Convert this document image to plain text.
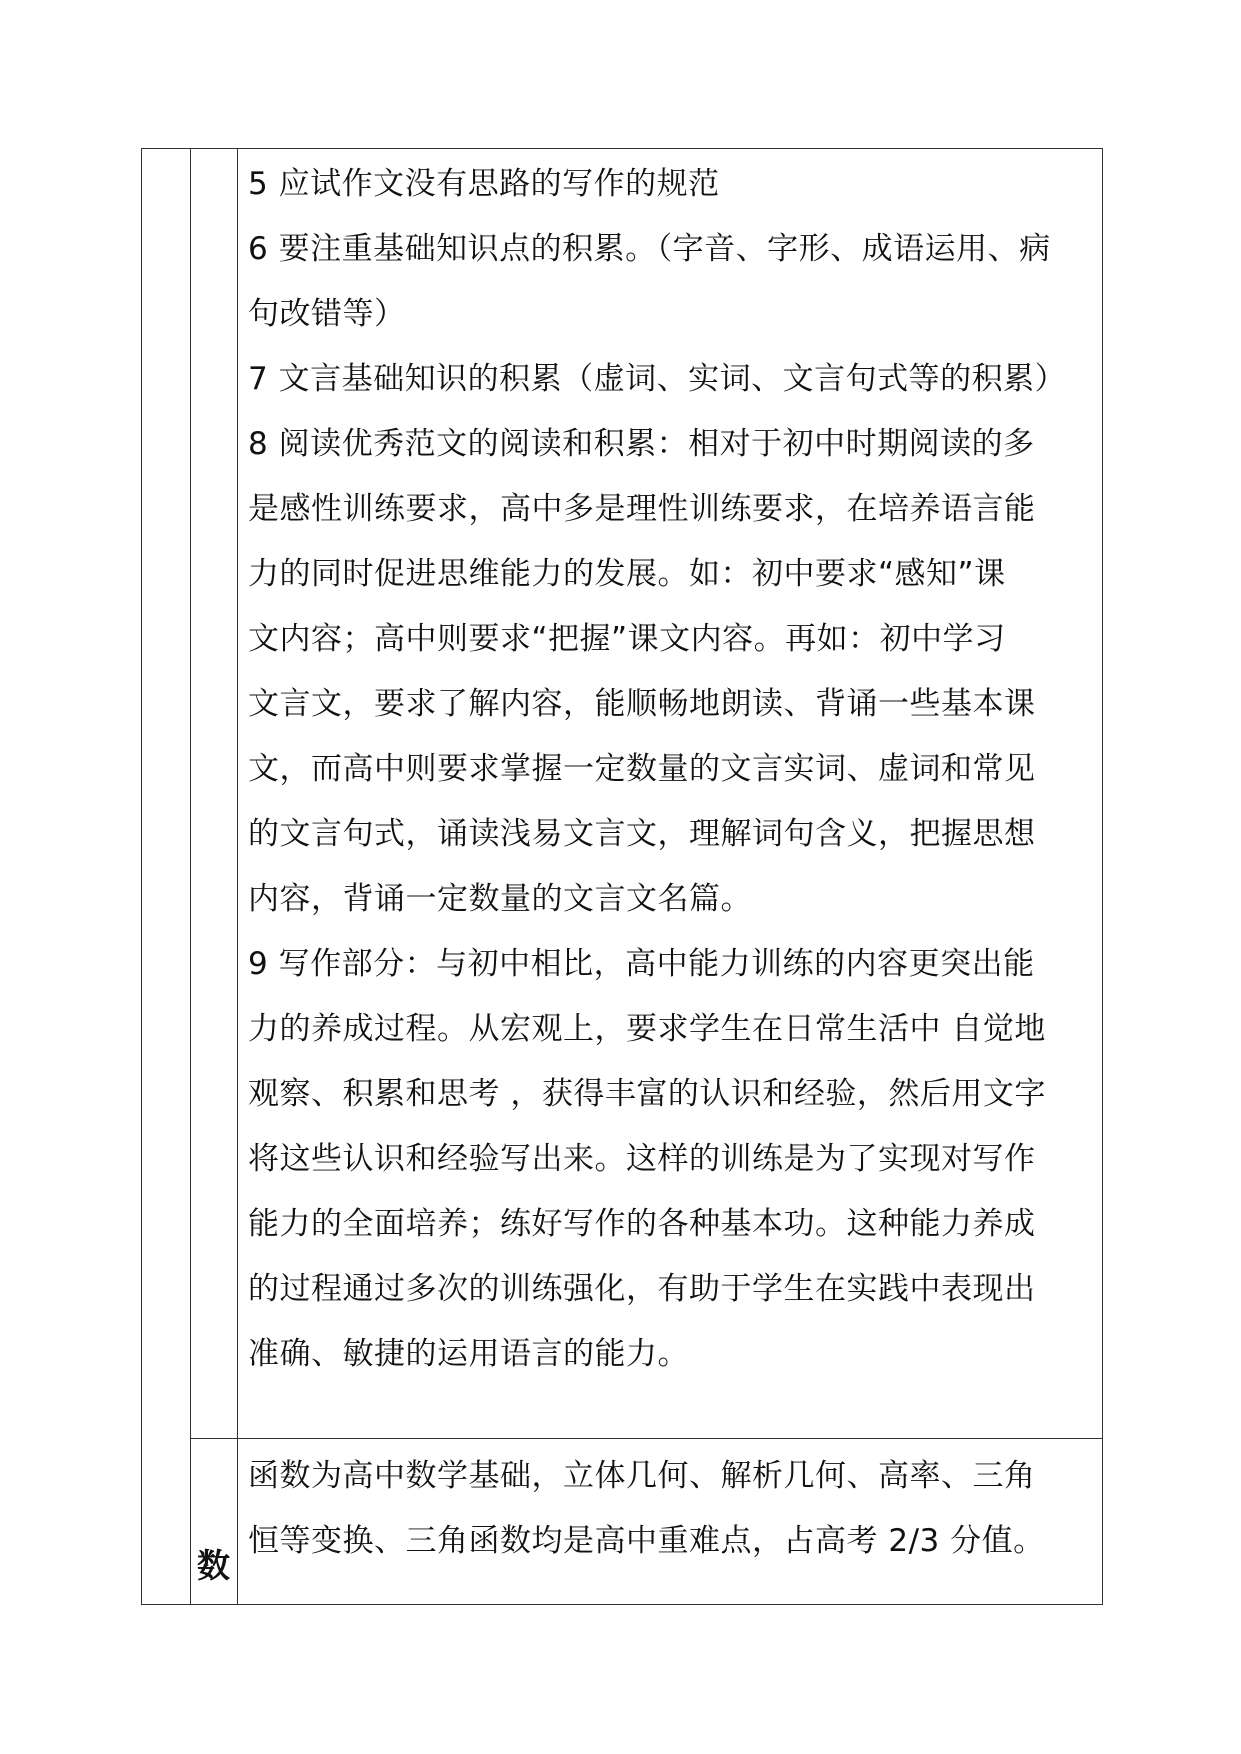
5 应试作文没有思路的写作的规范
6 要注重基础知识点的积累。（字音、字形、成语运用、病
句改错等）
7 文言基础知识的积累（虚词、实词、文言句式等的积累）
8 阅读优秀范文的阅读和积累：相对于初中时期阅读的多
是感性训练要求，高中多是理性训练要求，在培养语言能
力的同时促进思维能力的发展。如：初中要求“感知”课
文内容；高中则要求“把握”课文内容。再如：初中学习
文言文，要求了解内容，能顺畅地朗读、背诵一些基本课
文，而高中则要求掌握一定数量的文言实词、虚词和常见
的文言句式，诵读浅易文言文，理解词句含义，把握思想
内容，背诵一定数量的文言文名篇。
9 写作部分：与初中相比，高中能力训练的内容更突出能
力的养成过程。从宏观上，要求学生在日常生活中 自觉地
观察、积累和思考 ，获得丰富的认识和经验，然后用文字
将这些认识和经验写出来。这样的训练是为了实现对写作
能力的全面培养；练好写作的各种基本功。这种能力养成
的过程通过多次的训练强化，有助于学生在实践中表现出
准确、敏捷的运用语言的能力。
数
函数为高中数学基础，立体几何、解析几何、高率、三角
恒等变换、三角函数均是高中重难点，占高考 2/3 分值。
